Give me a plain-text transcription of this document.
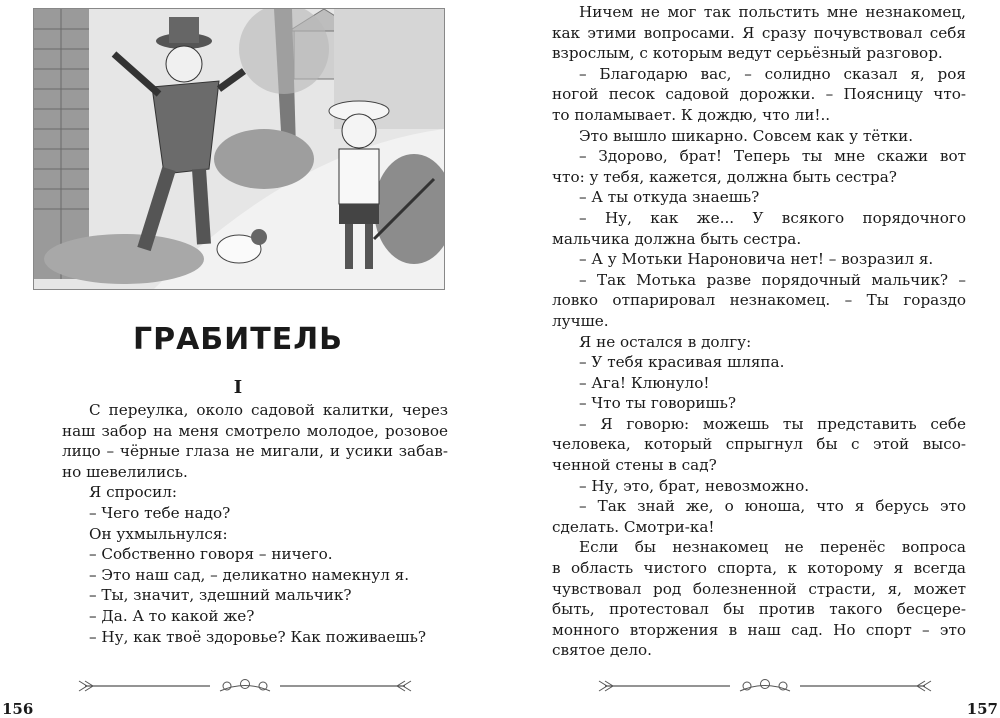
ГРАБИТЕЛЬ
I
С переулка, около садовой калитки, через
наш забор на меня смотрело молодое, розовое
лицо – чёрные глаза не мигали, и усики забав-
но шевелились.
Я спросил:
– Чего тебе надо?
Он ухмыльнулся:
– Собственно говоря – ничего.
– Это наш сад, – деликатно намекнул я.
– Ты, значит, здешний мальчик?
– Да. А то какой же?
– Ну, как твоё здоровье? Как поживаешь?
156
Ничем не мог так польстить мне незнакомец,
как этими вопросами. Я сразу почувствовал себя
взрослым, с которым ведут серьёзный разговор.
– Благодарю вас, – солидно сказал я, роя
ногой песок садовой дорожки. – Поясницу что-
то поламывает. К дождю, что ли!..
Это вышло шикарно. Совсем как у тётки.
– Здорово, брат! Теперь ты мне скажи вот
что: у тебя, кажется, должна быть сестра?
– А ты откуда знаешь?
– Ну, как же... У всякого порядочного
мальчика должна быть сестра.
– А у Мотьки Нароновича нет! – возразил я.
– Так Мотька разве порядочный мальчик? –
ловко отпарировал незнакомец. – Ты гораздо
лучше.
Я не остался в долгу:
– У тебя красивая шляпа.
– Ага! Клюнуло!
– Что ты говоришь?
– Я говорю: можешь ты представить себе
человека, который спрыгнул бы с этой высо-
ченной стены в сад?
– Ну, это, брат, невозможно.
– Так знай же, о юноша, что я берусь это
сделать. Смотри-ка!
Если бы незнакомец не перенёс вопроса
в область чистого спорта, к которому я всегда
чувствовал род болезненной страсти, я, может
быть, протестовал бы против такого бесцере-
монного вторжения в наш сад. Но спорт – это
святое дело.
157
